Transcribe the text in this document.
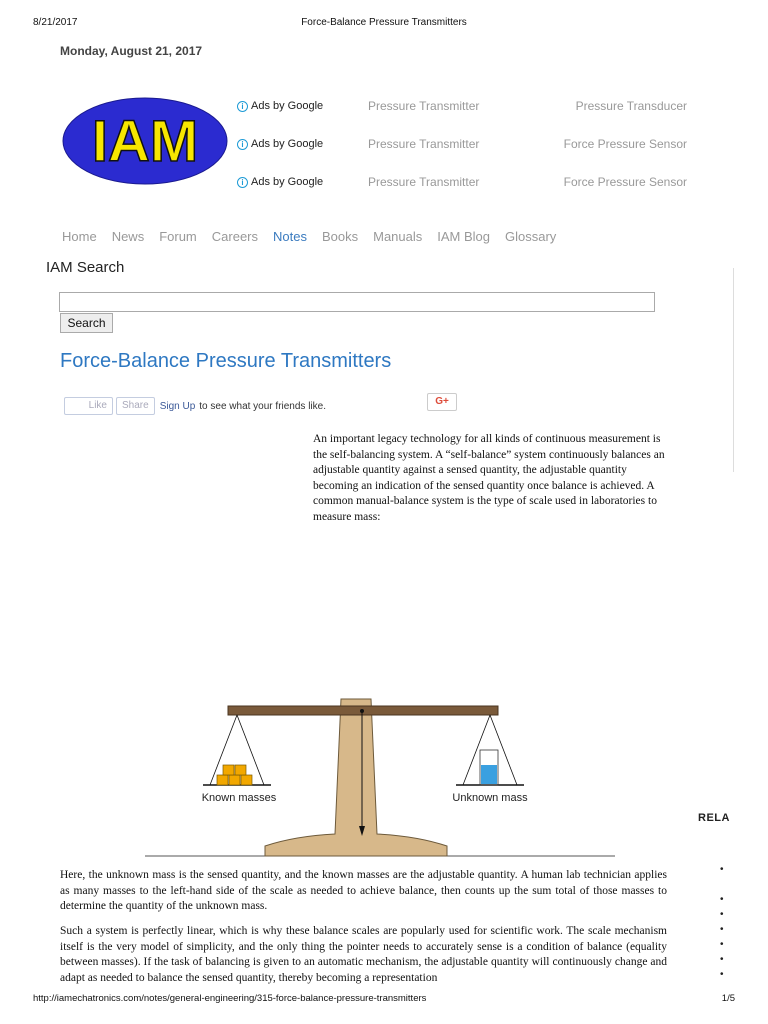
8/21/2017	Force-Balance Pressure Transmitters
Monday, August 21, 2017
IAM
i Ads by Google	Pressure Transmitter	Pressure Transducer
i Ads by Google	Pressure Transmitter	Force Pressure Sensor
i Ads by Google	Pressure Transmitter	Force Pressure Sensor
Home News Forum Careers Notes Books Manuals IAM Blog Glossary
IAM Search
Search
Force-Balance Pressure Transmitters
Like	Share	Sign Up to see what your friends like.	G+
An important legacy technology for all kinds of continuous measurement is the self-balancing system. A “self-balance” system continuously balances an adjustable quantity against a sensed quantity, the adjustable quantity becoming an indication of the sensed quantity once balance is achieved. A common manual-balance system is the type of scale used in laboratories to measure mass:
Known masses	Unknown mass
RELA
•

•
•
•
•
•
•
Here, the unknown mass is the sensed quantity, and the known masses are the adjustable quantity. A human lab technician applies as many masses to the left-hand side of the scale as needed to achieve balance, then counts up the sum total of those masses to determine the quantity of the unknown mass.
Such a system is perfectly linear, which is why these balance scales are popularly used for scientific work. The scale mechanism itself is the very model of simplicity, and the only thing the pointer needs to accurately sense is a condition of balance (equality between masses). If the task of balancing is given to an automatic mechanism, the adjustable quantity will continuously change and adapt as needed to balance the sensed quantity, thereby becoming a representation
http://iamechatronics.com/notes/general-engineering/315-force-balance-pressure-transmitters	1/5
